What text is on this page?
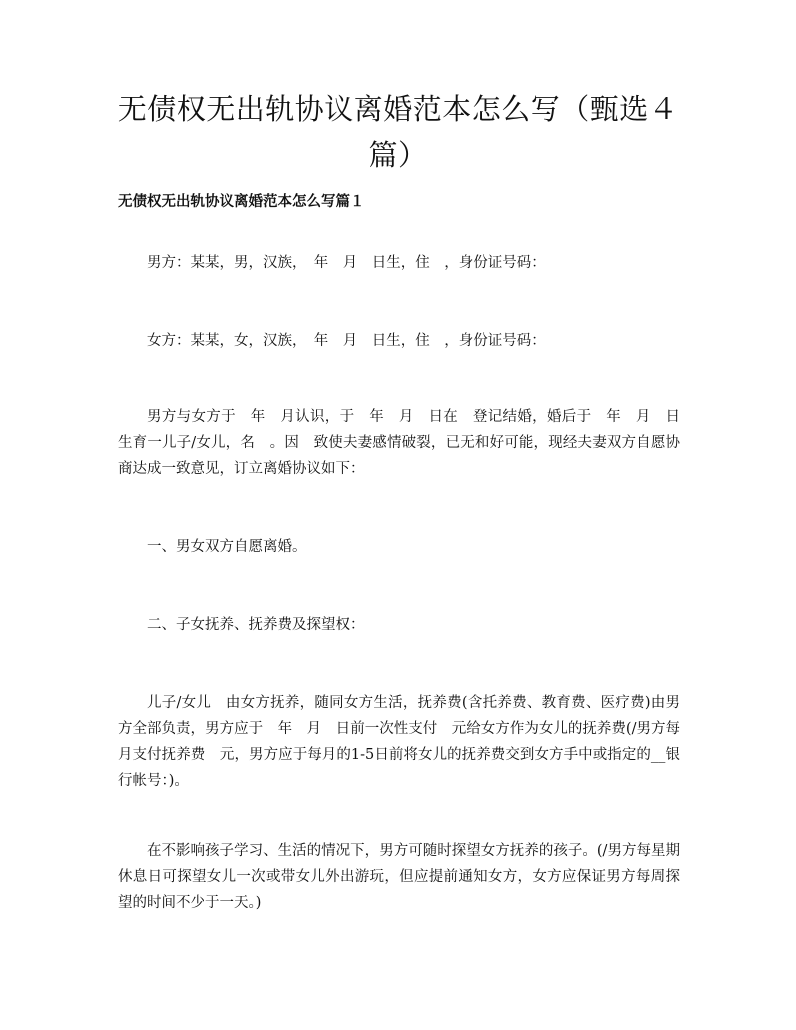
无债权无出轨协议离婚范本怎么写（甄选４篇）
无债权无出轨协议离婚范本怎么写篇１

男方：某某，男，汉族，　年　月　日生，住　，身份证号码：

女方：某某，女，汉族，　年　月　日生，住　，身份证号码：

男方与女方于　年　月认识，于　年　月　日在　登记结婚，婚后于　年　月　日生育一儿子/女儿，名　。因　致使夫妻感情破裂，已无和好可能，现经夫妻双方自愿协商达成一致意见，订立离婚协议如下：

一、男女双方自愿离婚。

二、子女抚养、抚养费及探望权：

儿子/女儿　由女方抚养，随同女方生活，抚养费(含托养费、教育费、医疗费)由男方全部负责，男方应于　年　月　日前一次性支付　元给女方作为女儿的抚养费(/男方每月支付抚养费　元，男方应于每月的1-5日前将女儿的抚养费交到女方手中或指定的__银行帐号：)。

在不影响孩子学习、生活的情况下，男方可随时探望女方抚养的孩子。(/男方每星期休息日可探望女儿一次或带女儿外出游玩，但应提前通知女方，女方应保证男方每周探望的时间不少于一天。)
